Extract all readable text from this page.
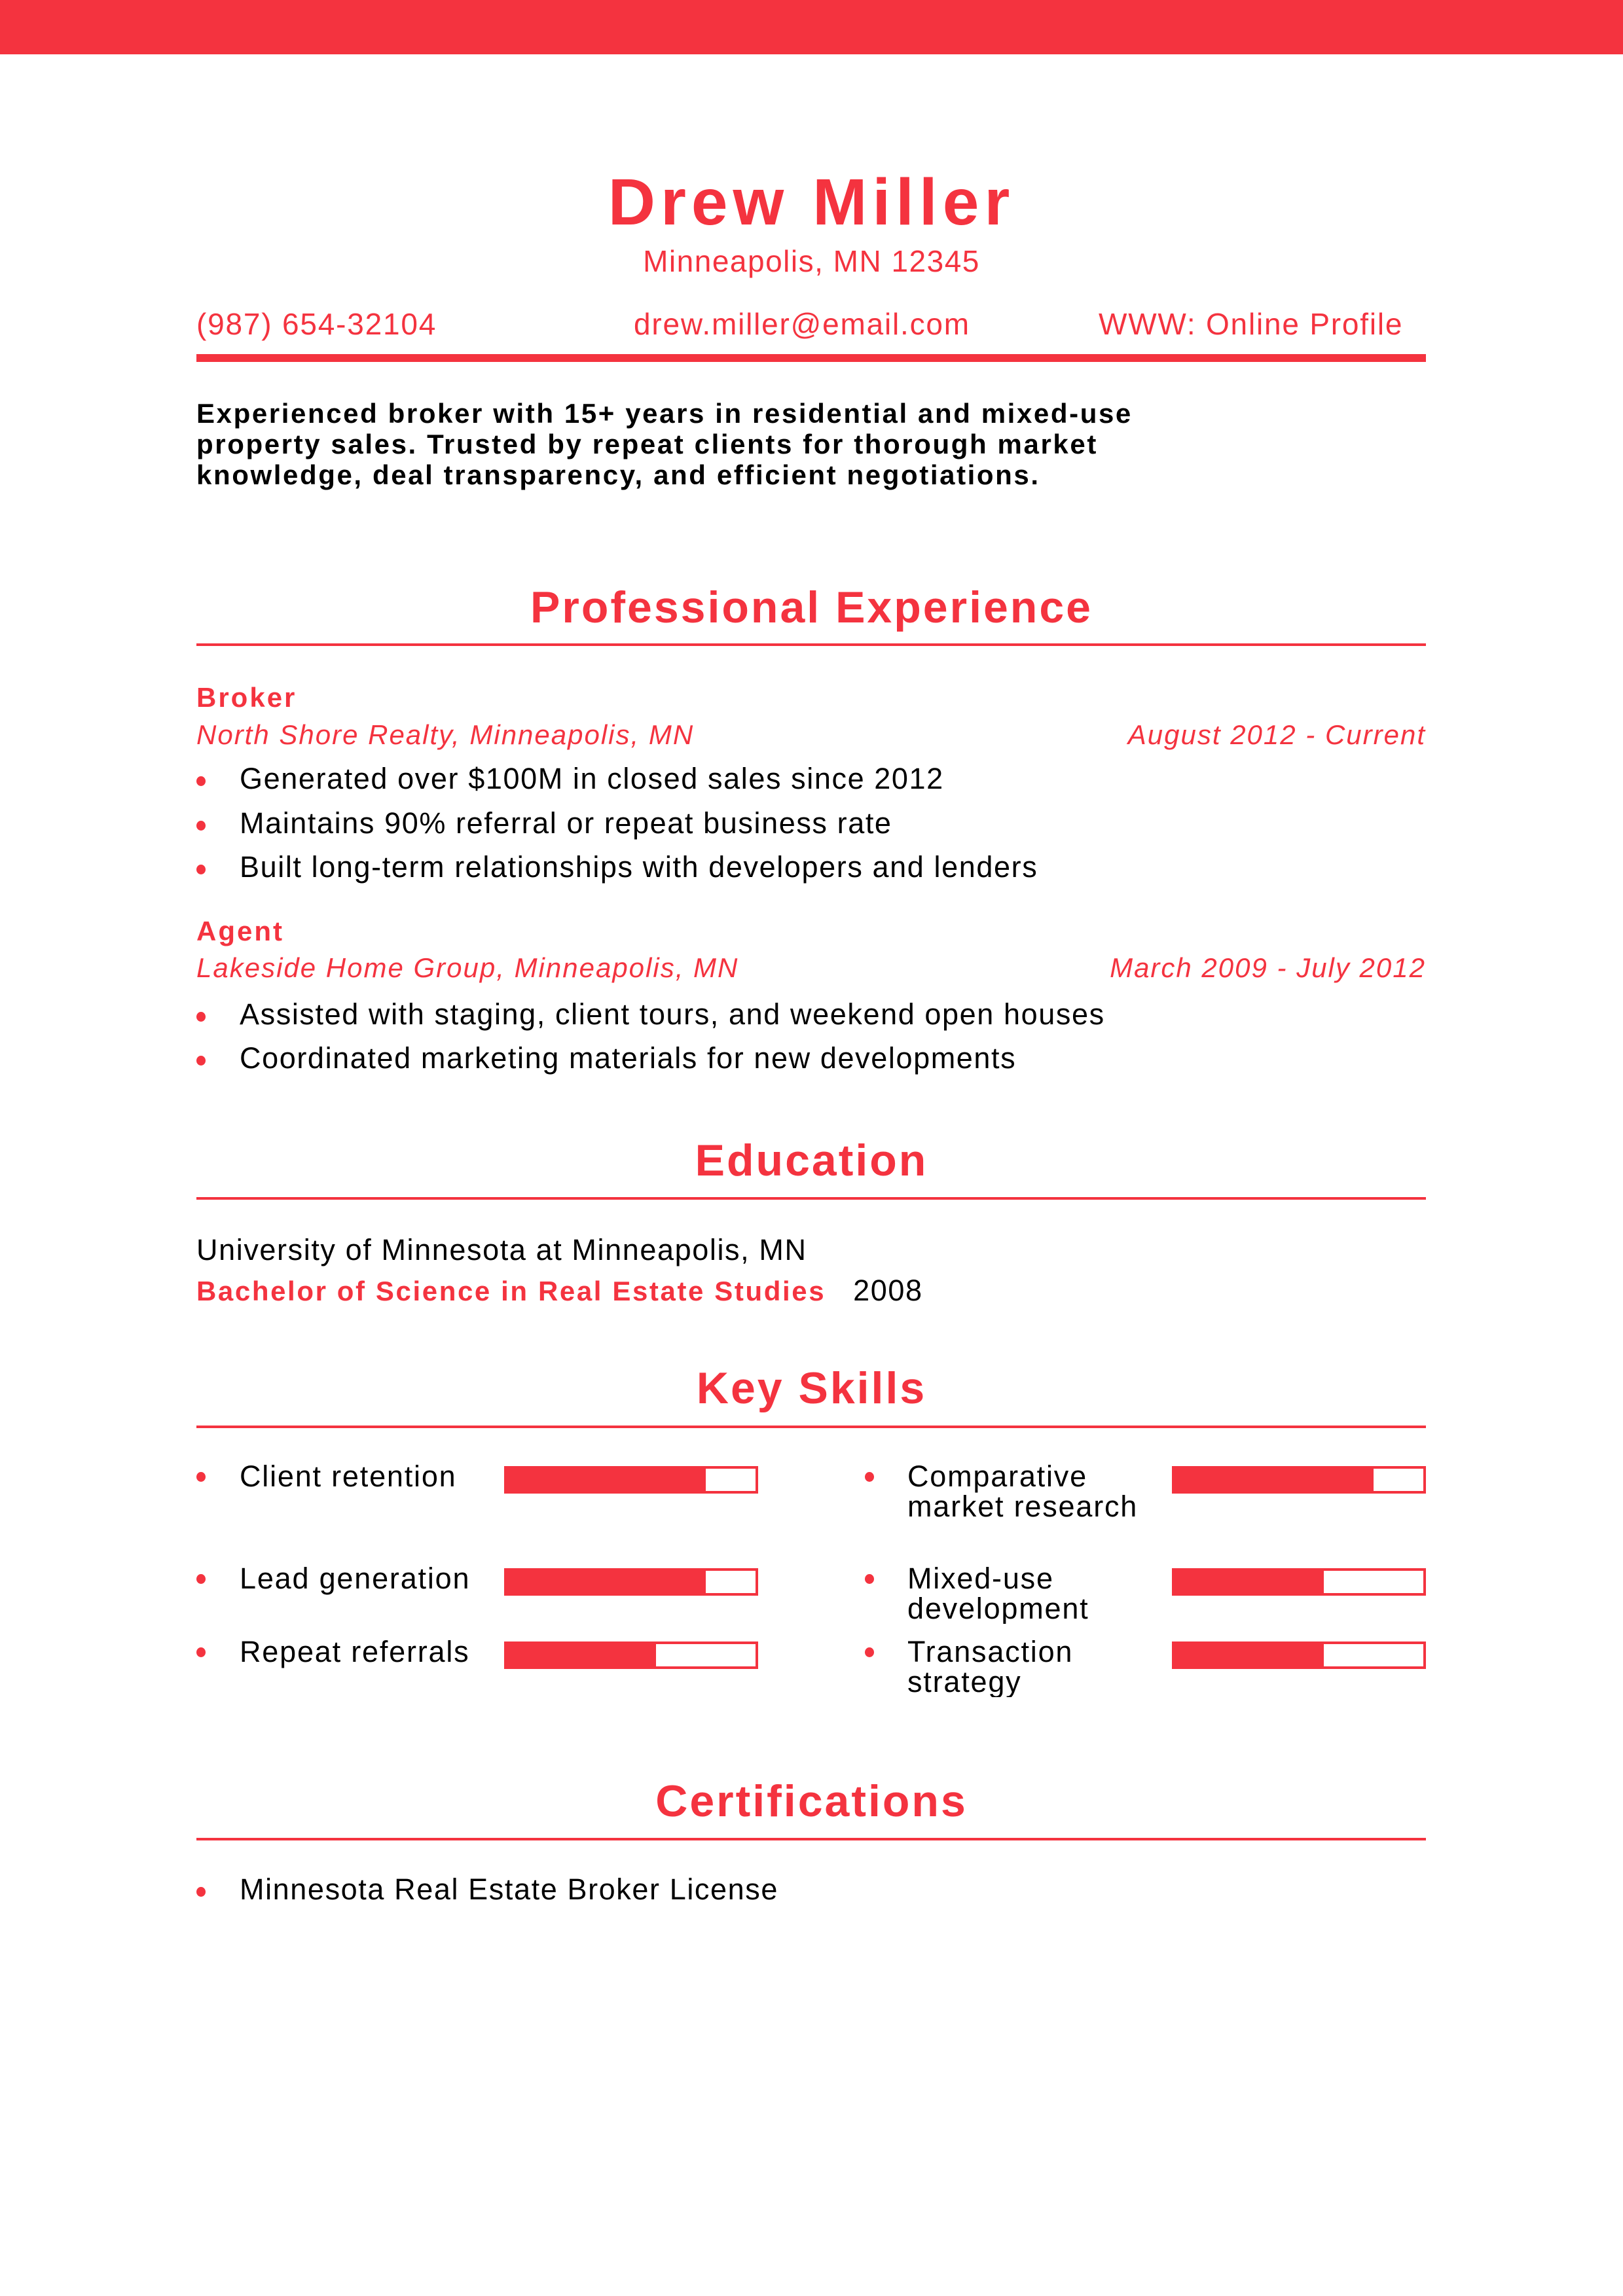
Drew Miller
Minneapolis, MN 12345
(987) 654-32104	drew.miller@email.com	WWW: Online Profile
Experienced broker with 15+ years in residential and mixed-use
property sales. Trusted by repeat clients for thorough market
knowledge, deal transparency, and efficient negotiations.
Professional Experience
Broker
North Shore Realty, Minneapolis, MN	August 2012 - Current
Generated over $100M in closed sales since 2012
Maintains 90% referral or repeat business rate
Built long-term relationships with developers and lenders
Agent
Lakeside Home Group, Minneapolis, MN	March 2009 - July 2012
Assisted with staging, client tours, and weekend open houses
Coordinated marketing materials for new developments
Education
University of Minnesota at Minneapolis, MN
Bachelor of Science in Real Estate Studies 2008
Key Skills
Client retention	Comparative market research
Lead generation	Mixed-use development
Repeat referrals	Transaction strategy
Certifications
Minnesota Real Estate Broker License
